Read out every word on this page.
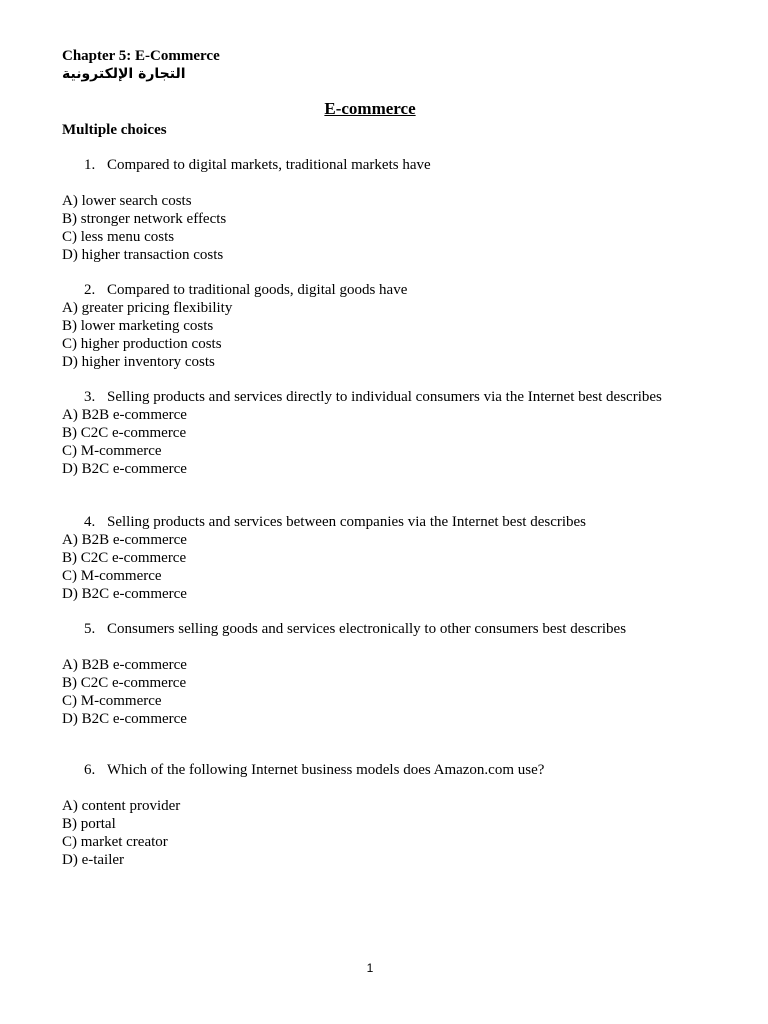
Chapter 5: E-Commerce
التجارة الإلكترونية
E-commerce
Multiple choices
1. Compared to digital markets, traditional markets have
A) lower search costs
B) stronger network effects
C) less menu costs
D) higher transaction costs
2. Compared to traditional goods, digital goods have
A) greater pricing flexibility
B) lower marketing costs
C) higher production costs
D) higher inventory costs
3. Selling products and services directly to individual consumers via the Internet best describes
A) B2B e-commerce
B) C2C e-commerce
C) M-commerce
D) B2C e-commerce
4. Selling products and services between companies via the Internet best describes
A) B2B e-commerce
B) C2C e-commerce
C) M-commerce
D) B2C e-commerce
5. Consumers selling goods and services electronically to other consumers best describes
A) B2B e-commerce
B) C2C e-commerce
C) M-commerce
D) B2C e-commerce
6. Which of the following Internet business models does Amazon.com use?
A) content provider
B) portal
C) market creator
D) e-tailer
1
